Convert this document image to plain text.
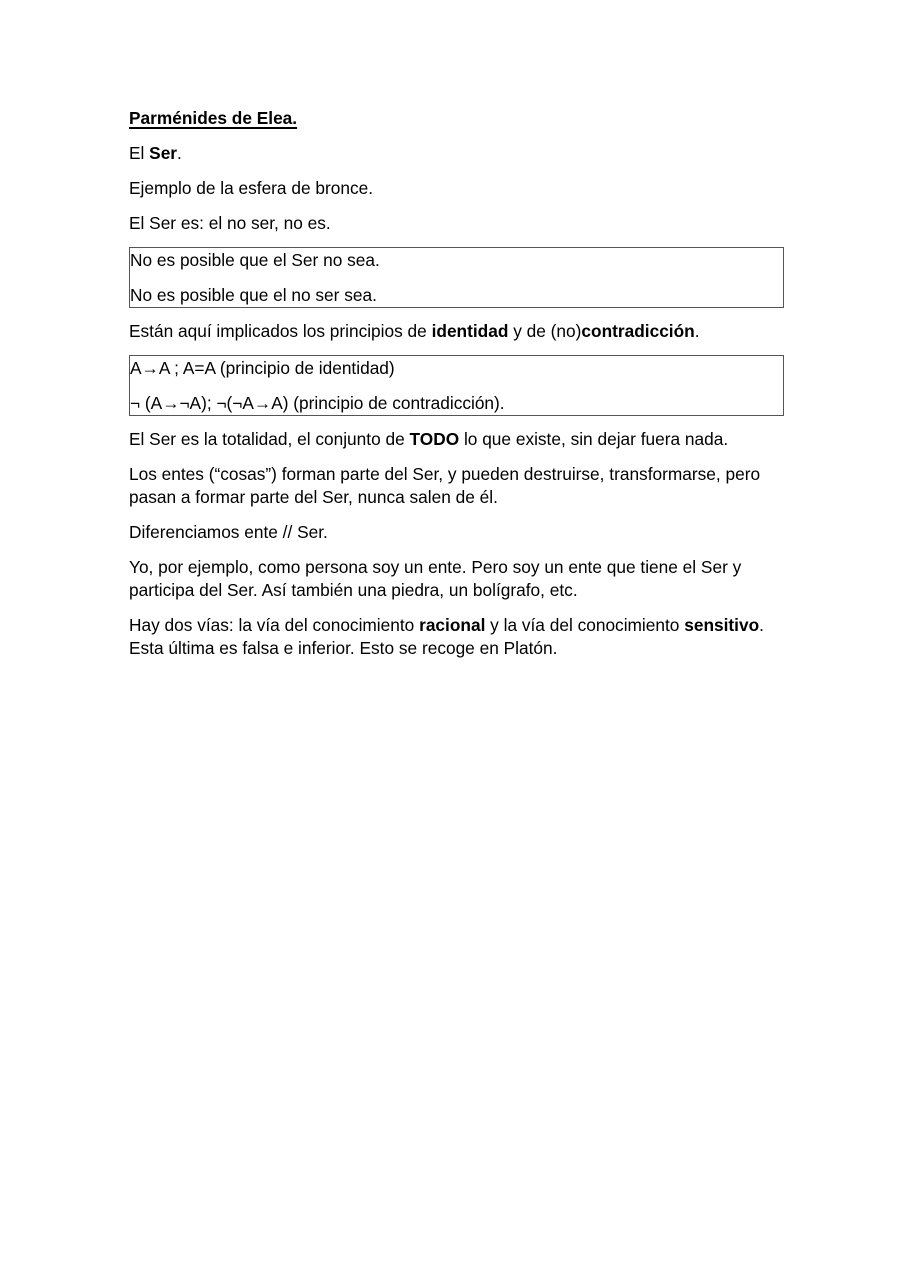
Parménides de Elea.

El Ser.

Ejemplo de la esfera de bronce.

El Ser es: el no ser, no es.

No es posible que el Ser no sea.

No es posible que el no ser sea.

Están aquí implicados los principios de identidad y de (no)contradicción.

A→A ; A=A (principio de identidad)

¬ (A→¬A); ¬(¬A→A) (principio de contradicción).

El Ser es la totalidad, el conjunto de TODO lo que existe, sin dejar fuera nada.

Los entes (“cosas”) forman parte del Ser, y pueden destruirse, transformarse, pero pasan a formar parte del Ser, nunca salen de él.

Diferenciamos ente // Ser.

Yo, por ejemplo, como persona soy un ente. Pero soy un ente que tiene el Ser y participa del Ser. Así también una piedra, un bolígrafo, etc.

Hay dos vías: la vía del conocimiento racional y la vía del conocimiento sensitivo. Esta última es falsa e inferior. Esto se recoge en Platón.
